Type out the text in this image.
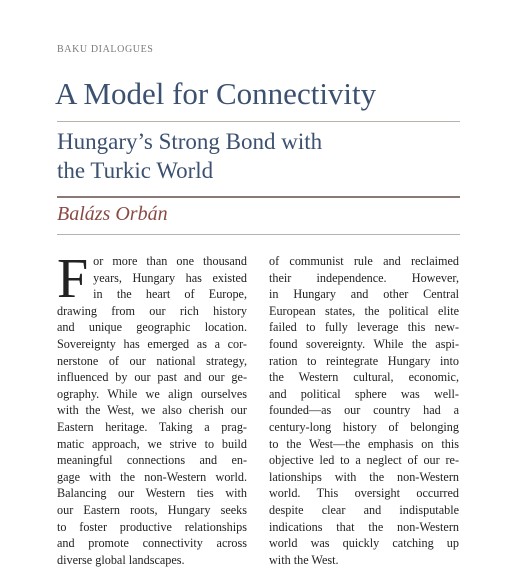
BAKU DIALOGUES
A Model for Connectivity
Hungary’s Strong Bond with
the Turkic World
Balázs Orbán
F or more than one thousand
years, Hungary has existed
in the heart of Europe,
drawing from our rich history
and unique geographic location.
Sovereignty has emerged as a cor-
nerstone of our national strategy,
influenced by our past and our ge-
ography. While we align ourselves
with the West, we also cherish our
Eastern heritage. Taking a prag-
matic approach, we strive to build
meaningful connections and en-
gage with the non-Western world.
Balancing our Western ties with
our Eastern roots, Hungary seeks
to foster productive relationships
and promote connectivity across
diverse global landscapes.
of communist rule and reclaimed
their independence. However,
in Hungary and other Central
European states, the political elite
failed to fully leverage this new-
found sovereignty. While the aspi-
ration to reintegrate Hungary into
the Western cultural, economic,
and political sphere was well-
founded—as our country had a
century-long history of belonging
to the West—the emphasis on this
objective led to a neglect of our re-
lationships with the non-Western
world. This oversight occurred
despite clear and indisputable
indications that the non-Western
world was quickly catching up
with the West.
